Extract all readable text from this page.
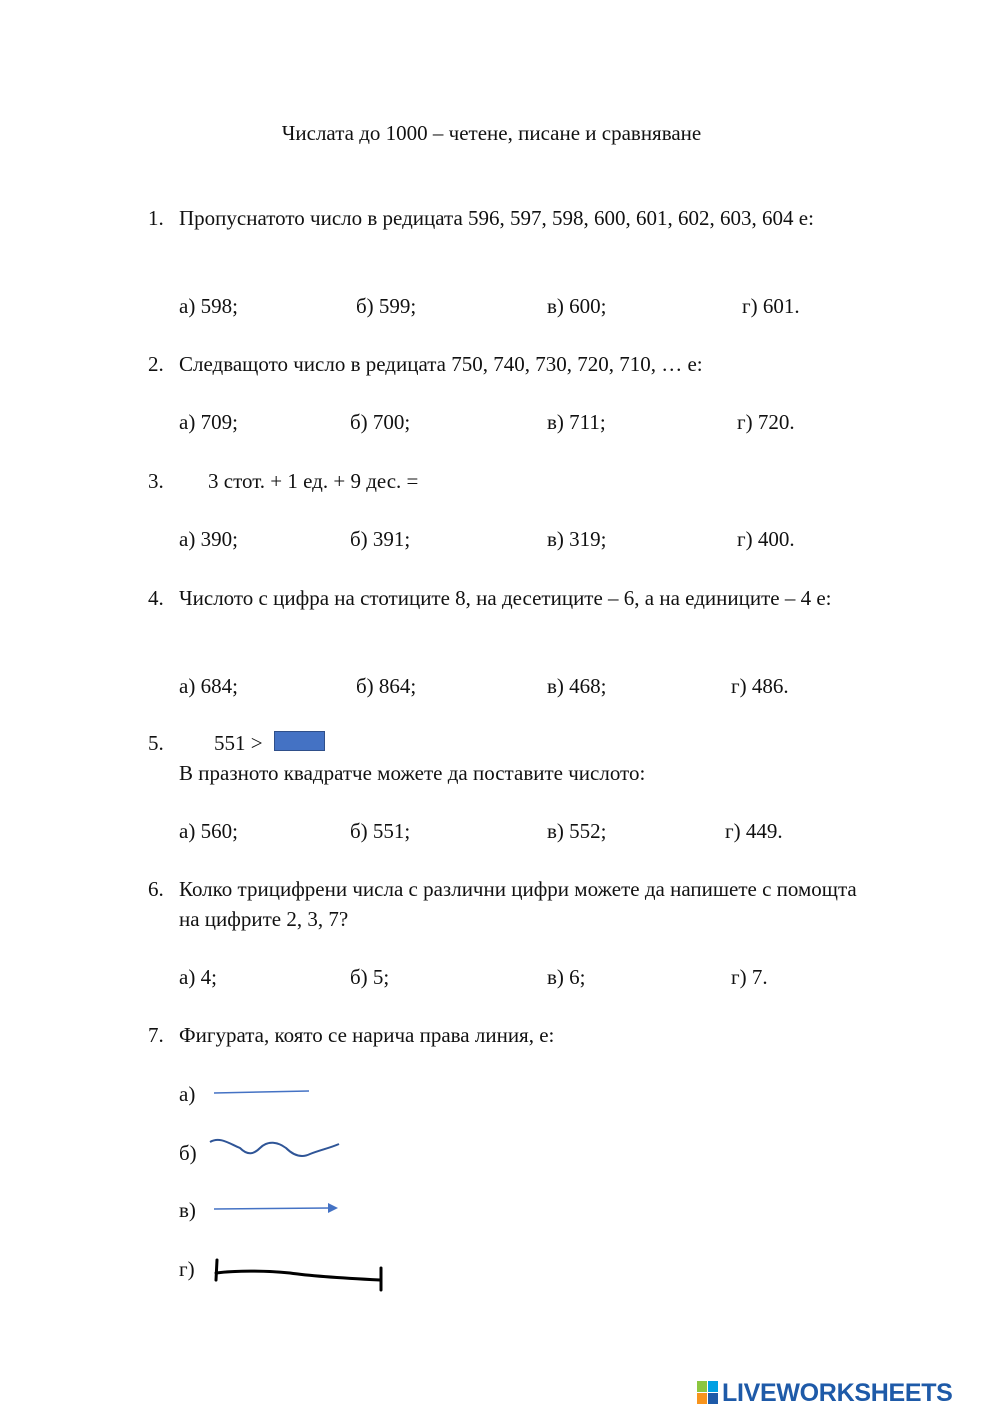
Числата до 1000 – четене, писане и сравняване
1. Пропуснатото число в редицата 596, 597, 598, 600, 601, 602, 603, 604 е:
а) 598;	б) 599;	в) 600;	г) 601.
2. Следващото число в редицата 750, 740, 730, 720, 710, … е:
а) 709;	б) 700;	в) 711;	г) 720.
3. 3 стот. + 1 ед. + 9 дес. =
а) 390;	б) 391;	в) 319;	г) 400.
4. Числото с цифра на стотиците 8, на десетиците – 6, а на единиците – 4 е:
а) 684;	б) 864;	в) 468;	г) 486.
5. 551 >
В празното квадратче можете да поставите числото:
а) 560;	б) 551;	в) 552;	г) 449.
6. Колко трицифрени числа с различни цифри можете да напишете с помощта на цифрите 2, 3, 7?
а) 4;	б) 5;	в) 6;	г) 7.
7. Фигурата, която се нарича права линия, е:
а)
б)
в)
г)
LIVEWORKSHEETS
